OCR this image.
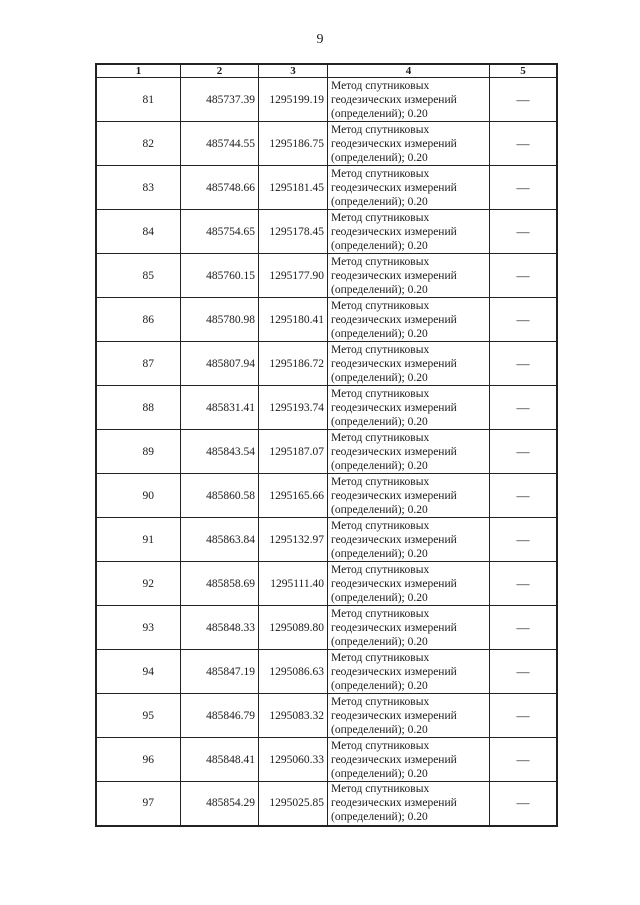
9
1	2	3	4	5
81	485737.39	1295199.19	Метод спутниковых
геодезических измерений
(определений); 0.20	—
82	485744.55	1295186.75	Метод спутниковых
геодезических измерений
(определений); 0.20	—
83	485748.66	1295181.45	Метод спутниковых
геодезических измерений
(определений); 0.20	—
84	485754.65	1295178.45	Метод спутниковых
геодезических измерений
(определений); 0.20	—
85	485760.15	1295177.90	Метод спутниковых
геодезических измерений
(определений); 0.20	—
86	485780.98	1295180.41	Метод спутниковых
геодезических измерений
(определений); 0.20	—
87	485807.94	1295186.72	Метод спутниковых
геодезических измерений
(определений); 0.20	—
88	485831.41	1295193.74	Метод спутниковых
геодезических измерений
(определений); 0.20	—
89	485843.54	1295187.07	Метод спутниковых
геодезических измерений
(определений); 0.20	—
90	485860.58	1295165.66	Метод спутниковых
геодезических измерений
(определений); 0.20	—
91	485863.84	1295132.97	Метод спутниковых
геодезических измерений
(определений); 0.20	—
92	485858.69	1295111.40	Метод спутниковых
геодезических измерений
(определений); 0.20	—
93	485848.33	1295089.80	Метод спутниковых
геодезических измерений
(определений); 0.20	—
94	485847.19	1295086.63	Метод спутниковых
геодезических измерений
(определений); 0.20	—
95	485846.79	1295083.32	Метод спутниковых
геодезических измерений
(определений); 0.20	—
96	485848.41	1295060.33	Метод спутниковых
геодезических измерений
(определений); 0.20	—
97	485854.29	1295025.85	Метод спутниковых
геодезических измерений
(определений); 0.20	—
